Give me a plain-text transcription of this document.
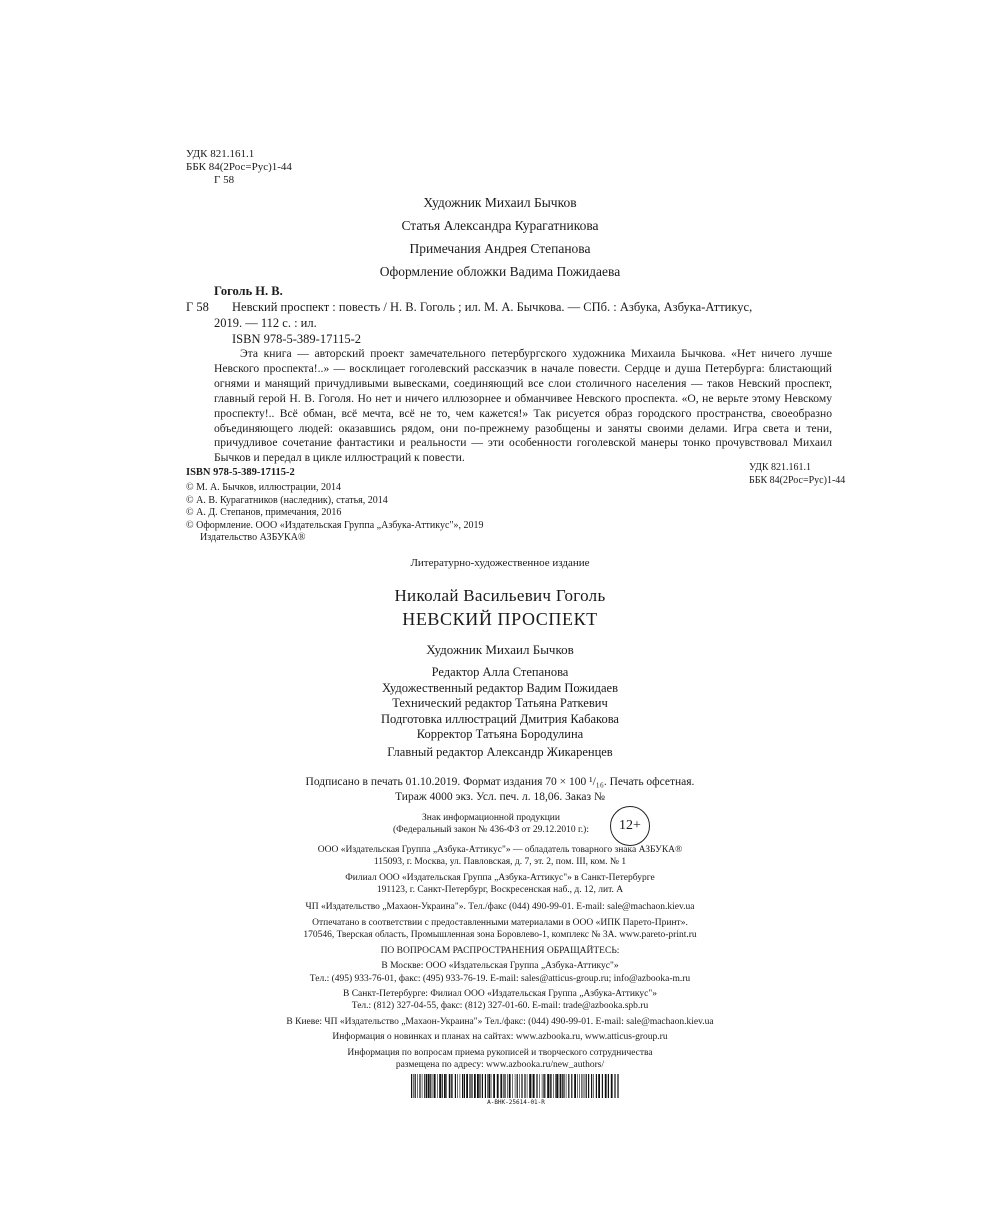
УДК 821.161.1
ББК 84(2Рос=Рус)1-44
Г 58
Художник Михаил Бычков
Статья Александра Курагатникова
Примечания Андрея Степанова
Оформление обложки Вадима Пожидаева
Гоголь Н. В.
Г 58 Невский проспект : повесть / Н. В. Гоголь ; ил. М. А. Бычкова. — СПб. : Азбука, Азбука-Аттикус,
2019. — 112 с. : ил.
ISBN 978-5-389-17115-2
Эта книга — авторский проект замечательного петербургского художника Михаила Бычкова. «Нет ничего лучше Невского проспекта!..» — восклицает гоголевский рассказчик в начале повести. Сердце и душа Петербурга: блистающий огнями и манящий причудливыми вывесками, соединяющий все слои столичного населения — таков Невский проспект, главный герой Н. В. Гоголя. Но нет и ничего иллюзорнее и обманчивее Невского проспекта. «О, не верьте этому Невскому проспекту!.. Всё обман, всё мечта, всё не то, чем кажется!» Так рисуется образ городского пространства, своеобразно объединяющего людей: оказавшись рядом, они по-прежнему разобщены и заняты своими делами. Игра света и тени, причудливое сочетание фантастики и реальности — эти особенности гоголевской манеры тонко прочувствовал Михаил Бычков и передал в цикле иллюстраций к повести.
ISBN 978-5-389-17115-2	УДК 821.161.1
ББК 84(2Рос=Рус)1-44
© М. А. Бычков, иллюстрации, 2014
© А. В. Курагатников (наследник), статья, 2014
© А. Д. Степанов, примечания, 2016
© Оформление. ООО «Издательская Группа „Азбука-Аттикус"», 2019
Издательство АЗБУКА®
Литературно-художественное издание
Николай Васильевич Гоголь
НЕВСКИЙ ПРОСПЕКТ
Художник Михаил Бычков
Редактор Алла Степанова
Художественный редактор Вадим Пожидаев
Технический редактор Татьяна Раткевич
Подготовка иллюстраций Дмитрия Кабакова
Корректор Татьяна Бородулина
Главный редактор Александр Жикаренцев
Подписано в печать 01.10.2019. Формат издания 70 × 100 ¹/₁₆. Печать офсетная.
Тираж 4000 экз. Усл. печ. л. 18,06. Заказ №
Знак информационной продукции
(Федеральный закон № 436-ФЗ от 29.12.2010 г.):	12+
ООО «Издательская Группа „Азбука-Аттикус"» — обладатель товарного знака АЗБУКА®
115093, г. Москва, ул. Павловская, д. 7, эт. 2, пом. III, ком. № 1
Филиал ООО «Издательская Группа „Азбука-Аттикус"» в Санкт-Петербурге
191123, г. Санкт-Петербург, Воскресенская наб., д. 12, лит. А
ЧП «Издательство „Махаон-Украина"». Тел./факс (044) 490-99-01. E-mail: sale@machaon.kiev.ua
Отпечатано в соответствии с предоставленными материалами в ООО «ИПК Парето-Принт».
170546, Тверская область, Промышленная зона Боровлево-1, комплекс № 3А. www.pareto-print.ru
ПО ВОПРОСАМ РАСПРОСТРАНЕНИЯ ОБРАЩАЙТЕСЬ:
В Москве: ООО «Издательская Группа „Азбука-Аттикус"»
Тел.: (495) 933-76-01, факс: (495) 933-76-19. E-mail: sales@atticus-group.ru; info@azbooka-m.ru
В Санкт-Петербурге: Филиал ООО «Издательская Группа „Азбука-Аттикус"»
Тел.: (812) 327-04-55, факс: (812) 327-01-60. E-mail: trade@azbooka.spb.ru
В Киеве: ЧП «Издательство „Махаон-Украина"» Тел./факс: (044) 490-99-01. E-mail: sale@machaon.kiev.ua
Информация о новинках и планах на сайтах: www.azbooka.ru, www.atticus-group.ru
Информация по вопросам приема рукописей и творческого сотрудничества
размещена по адресу: www.azbooka.ru/new_authors/
A-BHK-25614-01-R
